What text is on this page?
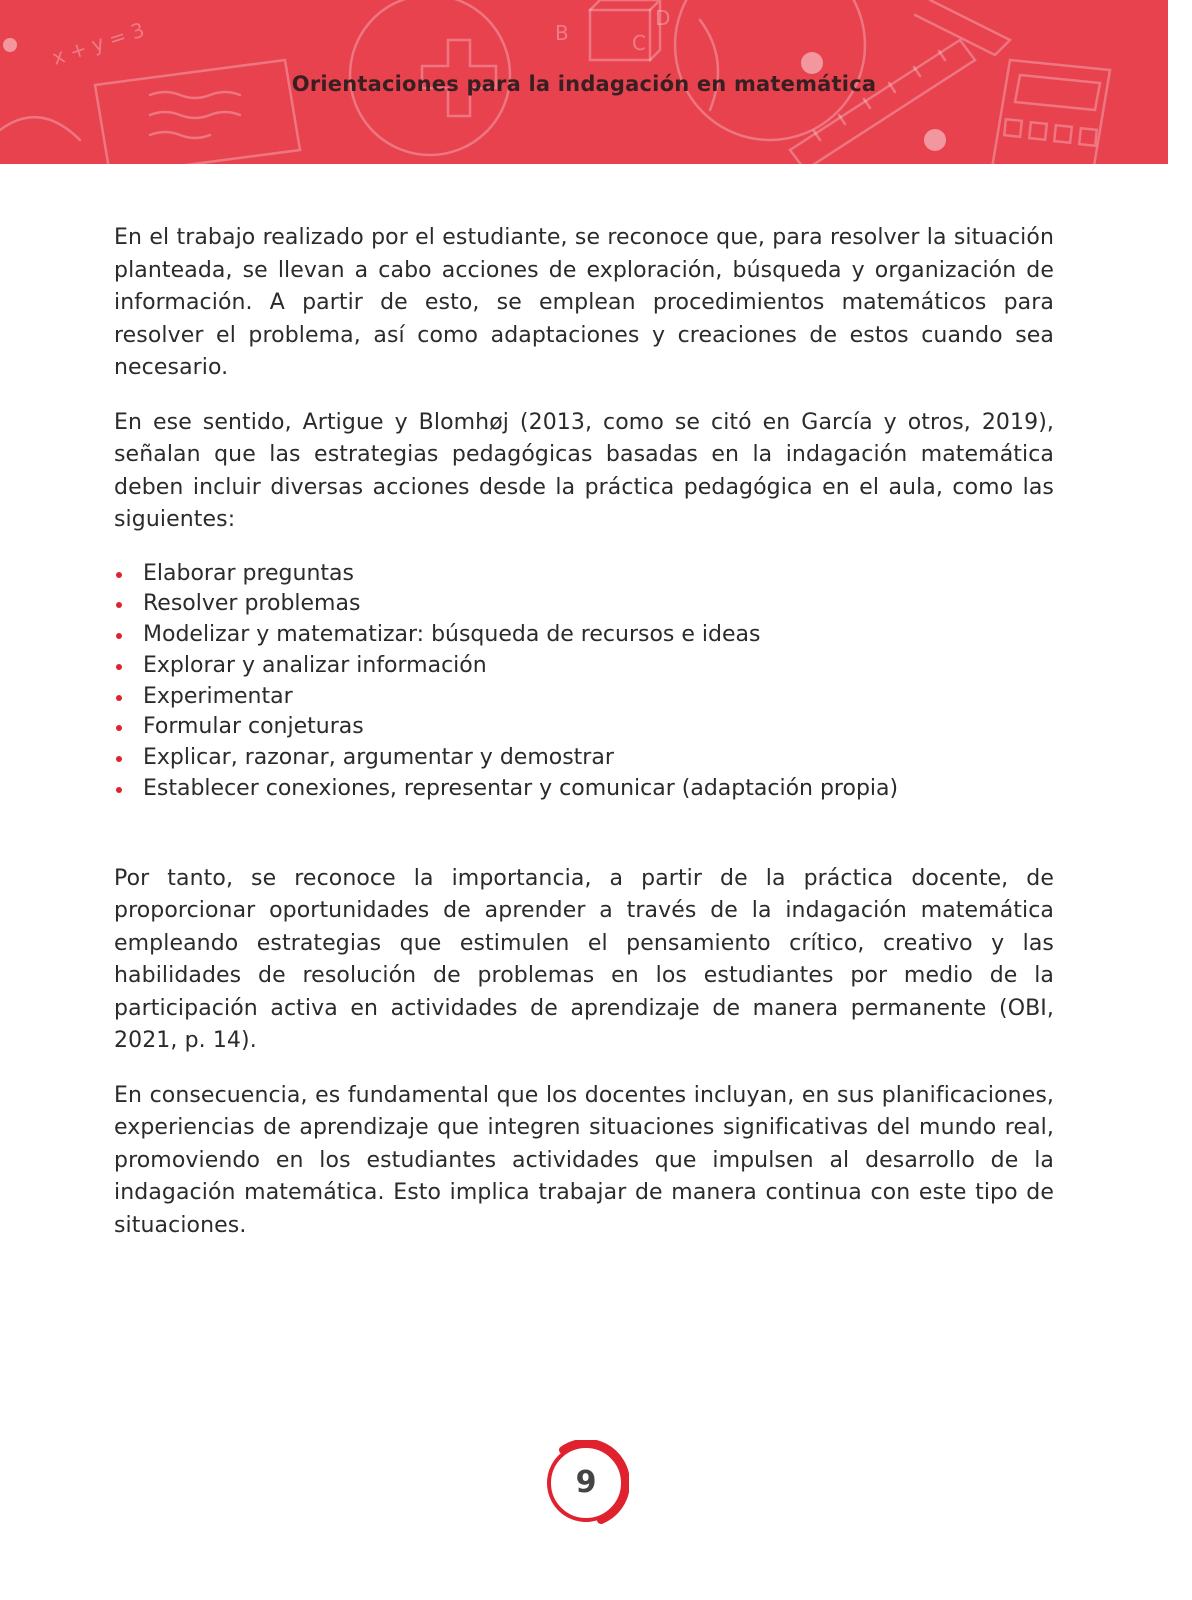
x + y = 3	B	C
D
Orientaciones para la indagación en matemática

En el trabajo realizado por el estudiante, se reconoce que, para resolver la situación planteada, se llevan a cabo acciones de exploración, búsqueda y organización de información. A partir de esto, se emplean procedimientos matemáticos para resolver el problema, así como adaptaciones y creaciones de estos cuando sea necesario.

En ese sentido, Artigue y Blomhøj (2013, como se citó en García y otros, 2019), señalan que las estrategias pedagógicas basadas en la indagación matemática deben incluir diversas acciones desde la práctica pedagógica en el aula, como las siguientes:

Elaborar preguntas
Resolver problemas
Modelizar y matematizar: búsqueda de recursos e ideas
Explorar y analizar información
Experimentar
Formular conjeturas
Explicar, razonar, argumentar y demostrar
Establecer conexiones, representar y comunicar (adaptación propia)

Por tanto, se reconoce la importancia, a partir de la práctica docente, de proporcionar oportunidades de aprender a través de la indagación matemática empleando estrategias que estimulen el pensamiento crítico, creativo y las habilidades de resolución de problemas en los estudiantes por medio de la participación activa en actividades de aprendizaje de manera permanente (OBI, 2021, p. 14).

En consecuencia, es fundamental que los docentes incluyan, en sus planificaciones, experiencias de aprendizaje que integren situaciones significativas del mundo real, promoviendo en los estudiantes actividades que impulsen al desarrollo de la indagación matemática. Esto implica trabajar de manera continua con este tipo de situaciones.

9
